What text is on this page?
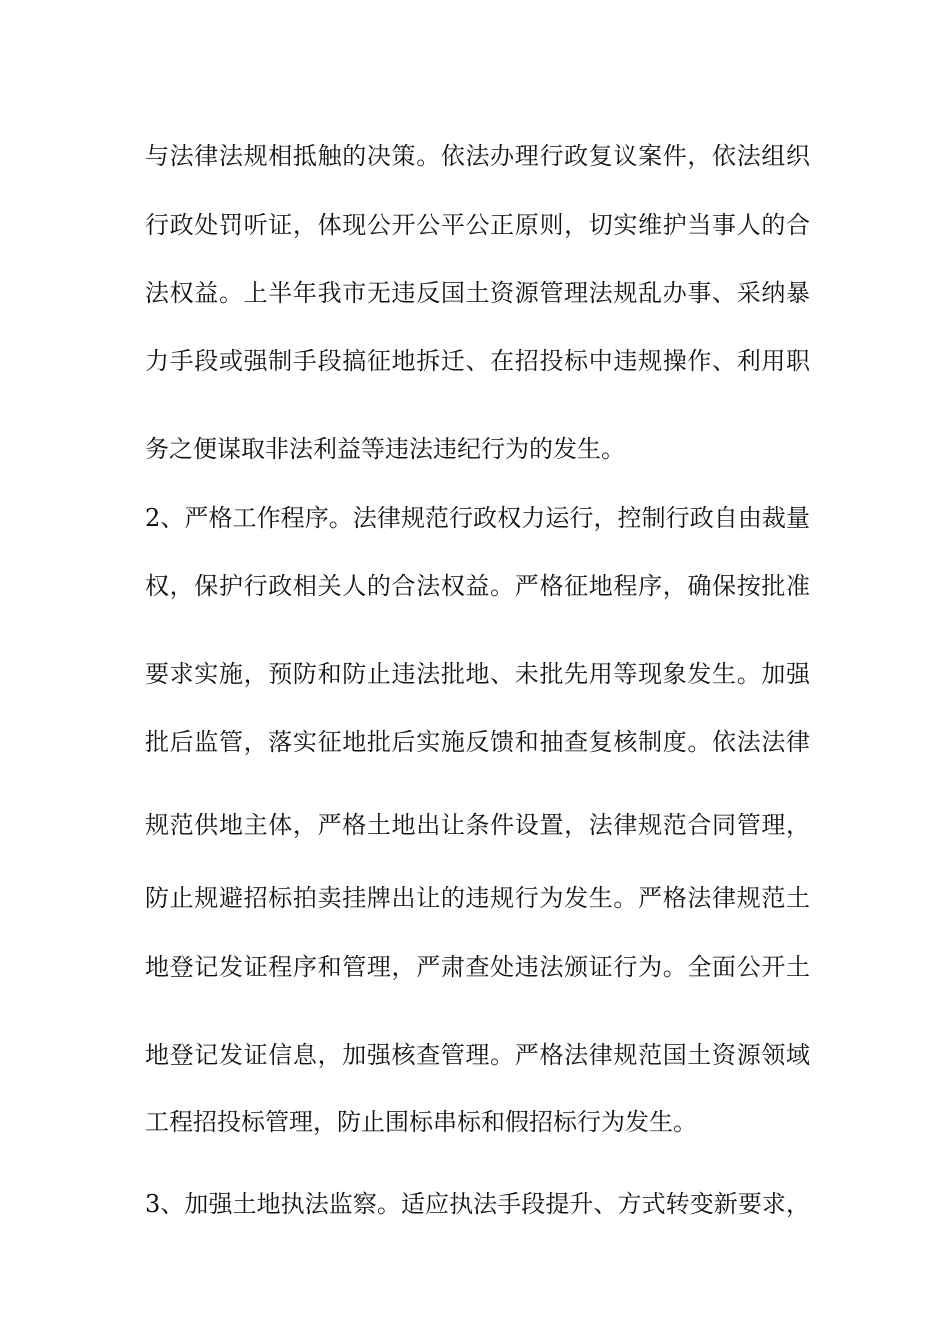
与法律法规相抵触的决策。依法办理行政复议案件，依法组织
行政处罚听证，体现公开公平公正原则，切实维护当事人的合
法权益。上半年我市无违反国土资源管理法规乱办事、采纳暴
力手段或强制手段搞征地拆迁、在招投标中违规操作、利用职
务之便谋取非法利益等违法违纪行为的发生。
2、严格工作程序。法律规范行政权力运行，控制行政自由裁量
权，保护行政相关人的合法权益。严格征地程序，确保按批准
要求实施，预防和防止违法批地、未批先用等现象发生。加强
批后监管，落实征地批后实施反馈和抽查复核制度。依法法律
规范供地主体，严格土地出让条件设置，法律规范合同管理，
防止规避招标拍卖挂牌出让的违规行为发生。严格法律规范土
地登记发证程序和管理，严肃查处违法颁证行为。全面公开土
地登记发证信息，加强核查管理。严格法律规范国土资源领域
工程招投标管理，防止围标串标和假招标行为发生。
3、加强土地执法监察。适应执法手段提升、方式转变新要求，
